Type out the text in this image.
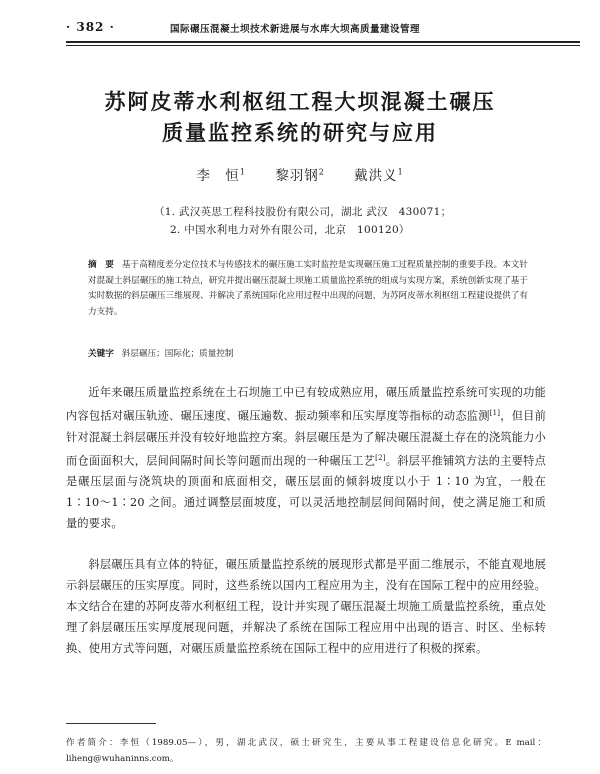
· 382 ·	国际碾压混凝土坝技术新进展与水库大坝高质量建设管理
苏阿皮蒂水利枢纽工程大坝混凝土碾压
质量监控系统的研究与应用
李　恒$^1$ 黎羽钢$^2$ 戴洪义$^1$
（1. 武汉英思工程科技股份有限公司，湖北 武汉　430071；
2. 中国水利电力对外有限公司，北京　100120）
摘　要 基于高精度差分定位技术与传感技术的碾压施工实时监控是实现碾压施工过程质量控制的重要手段。本文针对混凝土斜层碾压的施工特点，研究并提出碾压混凝土坝施工质量监控系统的组成与实现方案，系统创新实现了基于实时数据的斜层碾压三维展现、并解决了系统国际化应用过程中出现的问题，为苏阿皮蒂水利枢纽工程建设提供了有力支持。
关键字 斜层碾压；国际化；质量控制
近年来碾压质量监控系统在土石坝施工中已有较成熟应用，碾压质量监控系统可实现的功能内容包括对碾压轨迹、碾压速度、碾压遍数、振动频率和压实厚度等指标的动态监测[1]，但目前针对混凝土斜层碾压并没有较好地监控方案。斜层碾压是为了解决碾压混凝土存在的浇筑能力小而仓面面积大，层间间隔时间长等问题而出现的一种碾压工艺[2]。斜层平推铺筑方法的主要特点是碾压层面与浇筑块的顶面和底面相交，碾压层面的倾斜坡度以小于 1∶10 为宜，一般在 1∶10～1∶20 之间。通过调整层面坡度，可以灵活地控制层间间隔时间，使之满足施工和质量的要求。
斜层碾压具有立体的特征，碾压质量监控系统的展现形式都是平面二维展示，不能直观地展示斜层碾压的压实厚度。同时，这些系统以国内工程应用为主，没有在国际工程中的应用经验。本文结合在建的苏阿皮蒂水利枢纽工程，设计并实现了碾压混凝土坝施工质量监控系统，重点处理了斜层碾压压实厚度展现问题，并解决了系统在国际工程应用中出现的语言、时区、坐标转换、使用方式等问题，对碾压质量监控系统在国际工程中的应用进行了积极的探索。
作者简介：李恒（1989.05—），男，湖北武汉，硕士研究生，主要从事工程建设信息化研究。E mail：liheng@wuhaninns.com。
